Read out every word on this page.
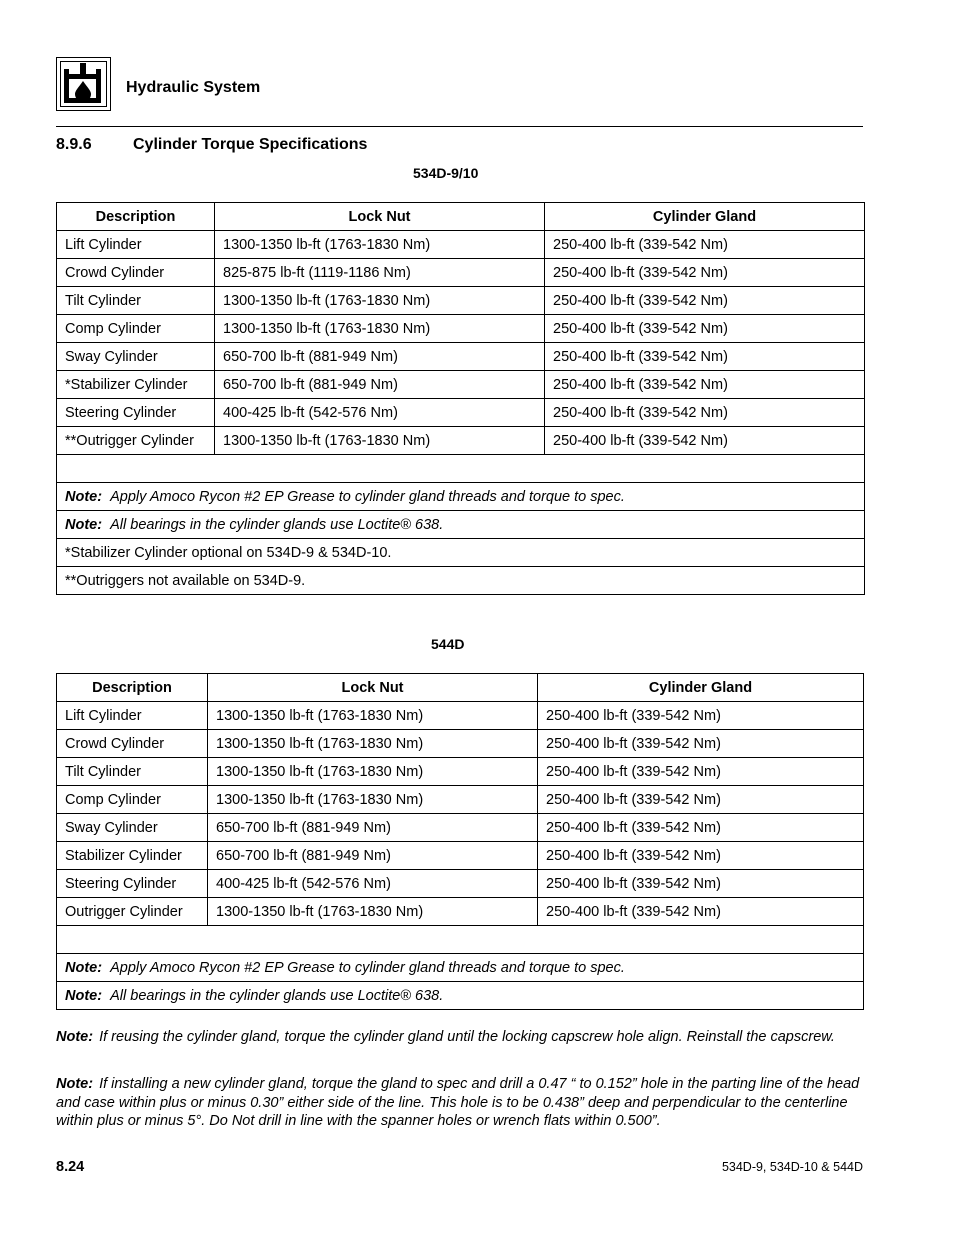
Hydraulic System
8.9.6	Cylinder Torque Specifications
534D-9/10
Description	Lock Nut	Cylinder Gland
Lift Cylinder	1300-1350 lb-ft (1763-1830 Nm)	250-400 lb-ft (339-542 Nm)
Crowd Cylinder	825-875 lb-ft (1119-1186 Nm)	250-400 lb-ft (339-542 Nm)
Tilt Cylinder	1300-1350 lb-ft (1763-1830 Nm)	250-400 lb-ft (339-542 Nm)
Comp Cylinder	1300-1350 lb-ft (1763-1830 Nm)	250-400 lb-ft (339-542 Nm)
Sway Cylinder	650-700 lb-ft (881-949 Nm)	250-400 lb-ft (339-542 Nm)
*Stabilizer Cylinder	650-700 lb-ft (881-949 Nm)	250-400 lb-ft (339-542 Nm)
Steering Cylinder	400-425 lb-ft (542-576 Nm)	250-400 lb-ft (339-542 Nm)
**Outrigger Cylinder	1300-1350 lb-ft (1763-1830 Nm)	250-400 lb-ft (339-542 Nm)

Note: Apply Amoco Rycon #2 EP Grease to cylinder gland threads and torque to spec.		
Note: All bearings in the cylinder glands use Loctite® 638.		
*Stabilizer Cylinder optional on 534D-9 & 534D-10.		
**Outriggers not available on 534D-9.		
544D
Description	Lock Nut	Cylinder Gland
Lift Cylinder	1300-1350 lb-ft (1763-1830 Nm)	250-400 lb-ft (339-542 Nm)
Crowd Cylinder	1300-1350 lb-ft (1763-1830 Nm)	250-400 lb-ft (339-542 Nm)
Tilt Cylinder	1300-1350 lb-ft (1763-1830 Nm)	250-400 lb-ft (339-542 Nm)
Comp Cylinder	1300-1350 lb-ft (1763-1830 Nm)	250-400 lb-ft (339-542 Nm)
Sway Cylinder	650-700 lb-ft (881-949 Nm)	250-400 lb-ft (339-542 Nm)
Stabilizer Cylinder	650-700 lb-ft (881-949 Nm)	250-400 lb-ft (339-542 Nm)
Steering Cylinder	400-425 lb-ft (542-576 Nm)	250-400 lb-ft (339-542 Nm)
Outrigger Cylinder	1300-1350 lb-ft (1763-1830 Nm)	250-400 lb-ft (339-542 Nm)

Note: Apply Amoco Rycon #2 EP Grease to cylinder gland threads and torque to spec.		
Note: All bearings in the cylinder glands use Loctite® 638.		
Note: If reusing the cylinder gland, torque the cylinder gland until the locking capscrew hole align. Reinstall the capscrew.
Note: If installing a new cylinder gland, torque the gland to spec and drill a 0.47 “ to 0.152” hole in the parting line of the head and case within plus or minus 0.30” either side of the line. This hole is to be 0.438” deep and perpendicular to the centerline within plus or minus 5°. Do Not drill in line with the spanner holes or wrench flats within 0.500”.
8.24	534D-9, 534D-10 & 544D
